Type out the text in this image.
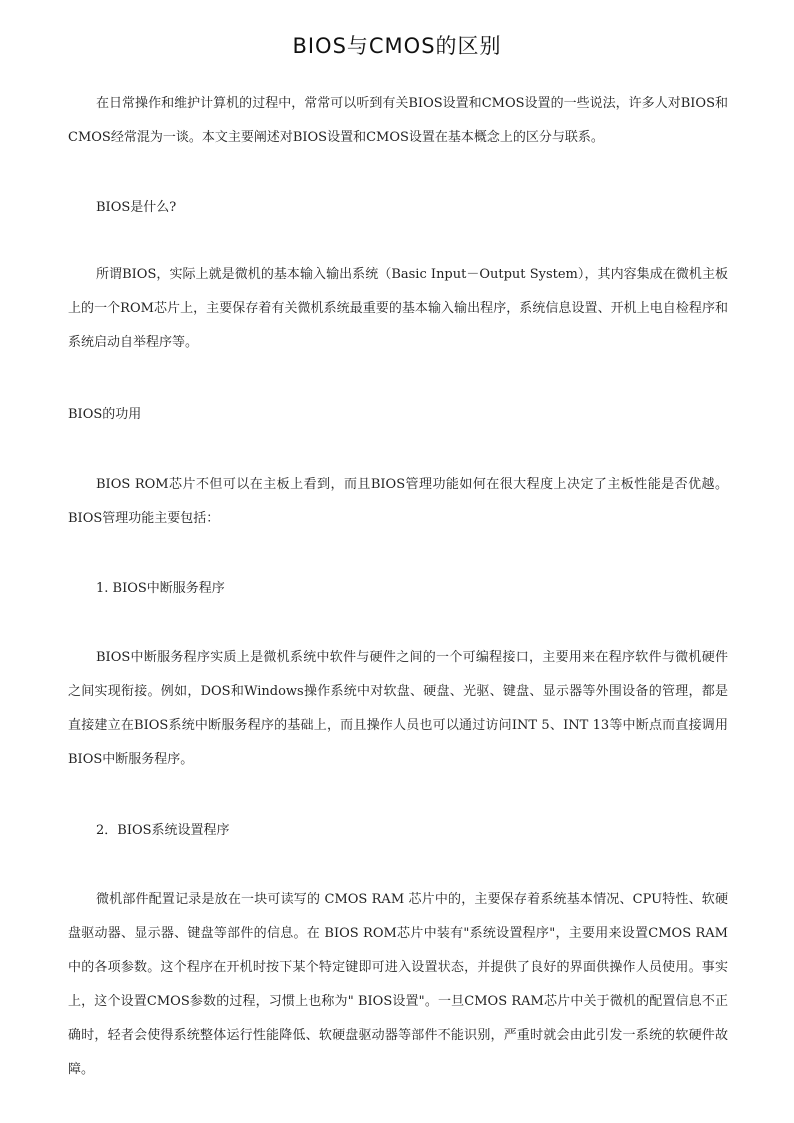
BIOS与CMOS的区别
在日常操作和维护计算机的过程中，常常可以听到有关BIOS设置和CMOS设置的一些说法，许多人对BIOS和CMOS经常混为一谈。本文主要阐述对BIOS设置和CMOS设置在基本概念上的区分与联系。
BIOS是什么?
所谓BIOS，实际上就是微机的基本输入输出系统（Basic Input－Output System），其内容集成在微机主板上的一个ROM芯片上，主要保存着有关微机系统最重要的基本输入输出程序，系统信息设置、开机上电自检程序和系统启动自举程序等。
BIOS的功用
BIOS ROM芯片不但可以在主板上看到，而且BIOS管理功能如何在很大程度上决定了主板性能是否优越。BIOS管理功能主要包括：
1. BIOS中断服务程序
BIOS中断服务程序实质上是微机系统中软件与硬件之间的一个可编程接口，主要用来在程序软件与微机硬件之间实现衔接。例如，DOS和Windows操作系统中对软盘、硬盘、光驱、键盘、显示器等外围设备的管理，都是直接建立在BIOS系统中断服务程序的基础上，而且操作人员也可以通过访问INT 5、INT 13等中断点而直接调用BIOS中断服务程序。
2．BIOS系统设置程序
微机部件配置记录是放在一块可读写的 CMOS RAM 芯片中的，主要保存着系统基本情况、CPU特性、软硬盘驱动器、显示器、键盘等部件的信息。在 BIOS ROM芯片中装有"系统设置程序"，主要用来设置CMOS RAM中的各项参数。这个程序在开机时按下某个特定键即可进入设置状态，并提供了良好的界面供操作人员使用。事实上，这个设置CMOS参数的过程，习惯上也称为" BIOS设置"。一旦CMOS RAM芯片中关于微机的配置信息不正确时，轻者会使得系统整体运行性能降低、软硬盘驱动器等部件不能识别，严重时就会由此引发一系统的软硬件故障。
